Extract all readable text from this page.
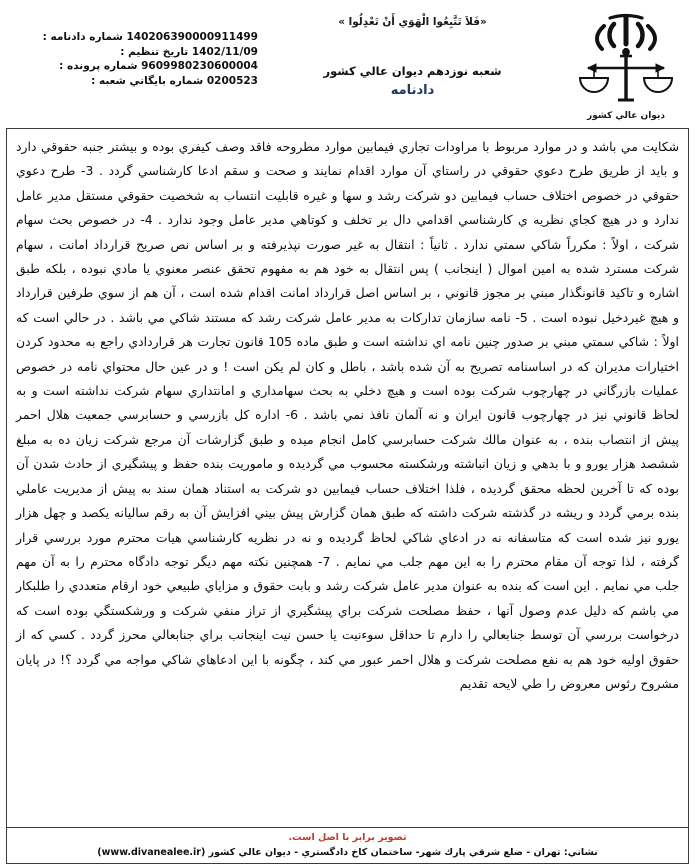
ديوان عالي كشور
«فَلاَ تَتَّبِعُوا الْهَوَي أَنْ تَعْدِلُوا »
شعبه نوزدهم ديوان عالي كشور
دادنامه
شماره دادنامه : 140206390000911499
تاريخ تنظيم : 1402/11/09
شماره پرونده : 9609980230600004
شماره بايگاني شعبه : 0200523

شكايت مي باشد و در موارد مربوط با مراودات تجاري فيمابين موارد مطروحه فاقد وصف كيفري بوده و بيشتر جنبه حقوقي دارد و بايد از طريق طرح دعوي حقوقي در راستاي آن موارد اقدام نمايند و صحت و سقم ادعا كارشناسي گردد . 3- طرح دعوي حقوقي در خصوص اختلاف حساب فيمابين دو شركت رشد و سها و غيره قابليت انتساب به شخصيت حقوقي مستقل مدير عامل ندارد و در هيچ كجاي نظريه ي كارشناسي اقدامي دال بر تخلف و كوتاهي مدير عامل وجود ندارد . 4- در خصوص بحث سهام شركت ، اولاً : مكرراً شاكي سمتي ندارد . ثانياً : انتقال به غير صورت نپذيرفته و بر اساس نص صريح قرارداد امانت ، سهام شركت مسترد شده به امين اموال ( اينجانب ) پس انتقال به خود هم به مفهوم تحقق عنصر معنوي يا مادي نبوده ، بلكه طبق اشاره و تاكيد قانونگذار مبني بر مجوز قانوني ، بر اساس اصل قرارداد امانت اقدام شده است ، آن هم از سوي طرفين قرارداد و هيچ غيردخيل نبوده است . 5- نامه سازمان تداركات به مدير عامل شركت رشد كه مستند شاكي مي باشد . در حالي است كه اولاً : شاكي سمتي مبني بر صدور چنين نامه اي نداشته است و طبق ماده 105 قانون تجارت هر قراردادي راجع به محدود كردن اختيارات مديران كه در اساسنامه تصريح به آن شده باشد ، باطل و كان لم يكن است ! و در عين حال محتواي نامه در خصوص عمليات بازرگاني در چهارچوب شركت بوده است و هيچ دخلي به بحث سهامداري و امانتداري سهام شركت نداشته است و به لحاظ قانوني نيز در چهارچوب قانون ايران و نه آلمان نافذ نمي باشد . 6- اداره كل بازرسي و حسابرسي جمعيت هلال احمر پيش از انتصاب بنده ، به عنوان مالك شركت حسابرسي كامل انجام ميده و طبق گزارشات آن مرجع شركت زيان ده به مبلغ ششصد هزار يورو و با بدهي و زيان انباشته ورشكسته محسوب مي گرديده و ماموريت بنده حفظ و پيشگيري از حادث شدن آن بوده كه تا آخرين لحظه محقق گرديده ، فلذا اختلاف حساب فيمابين دو شركت به استناد همان سند به پيش از مديريت عاملي بنده برمي گردد و ريشه در گذشته شركت داشته كه طبق همان گزارش پيش بيني افزايش آن به رقم ساليانه يكصد و چهل هزار يورو نيز شده است كه متاسفانه نه در ادعاي شاكي لحاظ گرديده و نه در نظريه كارشناسي هيات محترم مورد بررسي قرار گرفته ، لذا توجه آن مقام محترم را به اين مهم جلب مي نمايم . 7- همچنين نكته مهم ديگر توجه دادگاه محترم را به آن مهم جلب مي نمايم . اين است كه بنده به عنوان مدير عامل شركت رشد و بابت حقوق و مزاياي طبيعي خود ارقام متعددي را طلبكار مي باشم كه دليل عدم وصول آنها ، حفظ مصلحت شركت براي پيشگيري از تراز منفي شركت و ورشكستگي بوده است كه درخواست بررسي آن توسط جنابعالي را دارم تا حداقل سوءنيت يا حسن نيت اينجانب براي جنابعالي محرز گردد . كسي كه از حقوق اوليه خود هم به نفع مصلحت شركت و هلال احمر عبور مي كند ، چگونه با اين ادعاهاي شاكي مواجه مي گردد ؟! در پايان مشروح رئوس معروض را طي لايحه تقديم

تصوير برابر با اصل است.
نشاني: تهران - ضلع شرقي پارك شهر- ساختمان كاخ دادگستري - ديوان عالي كشور (www.divanealee.ir)
